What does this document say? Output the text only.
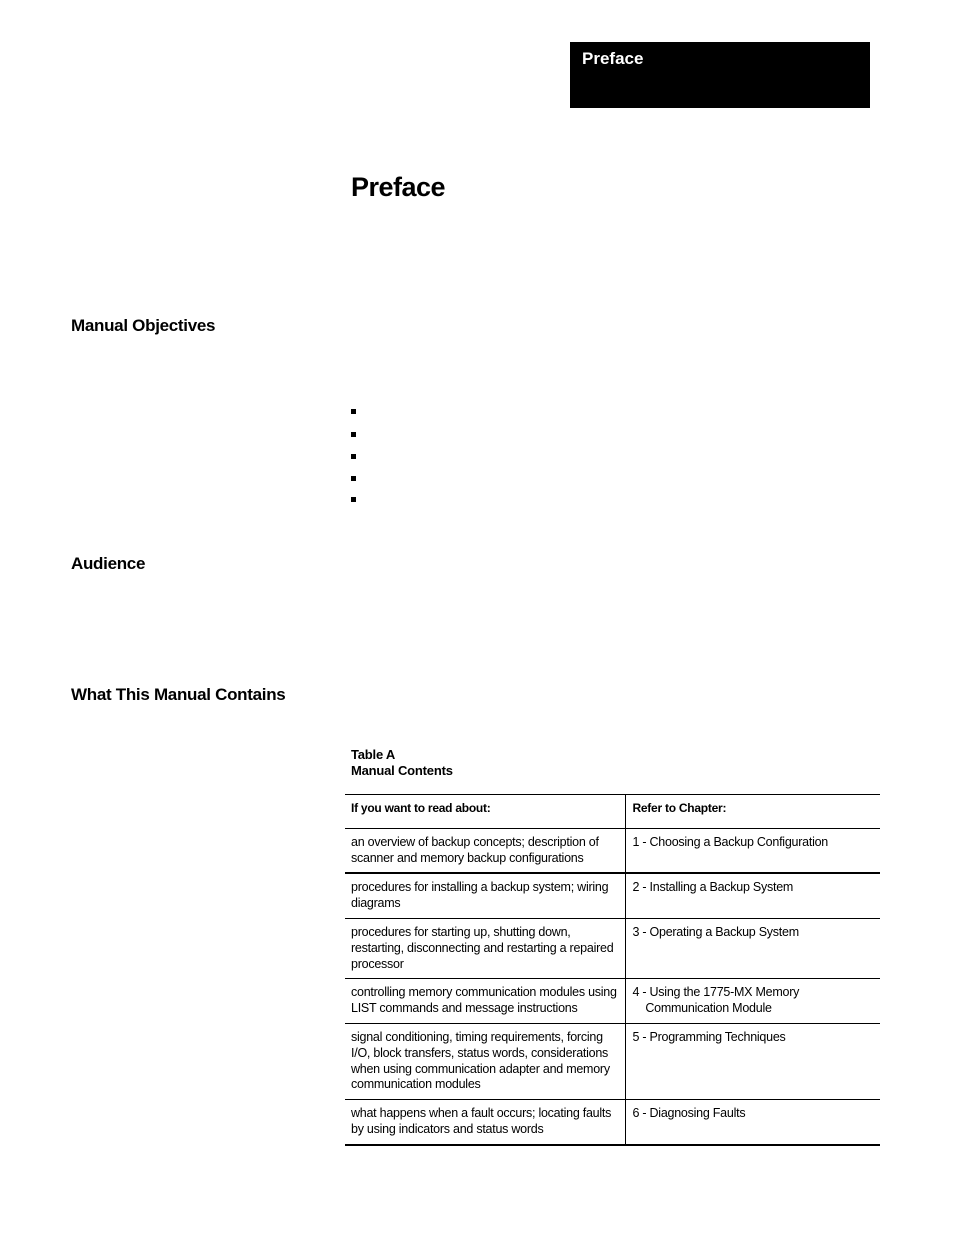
Preface
Preface
Manual Objectives
Audience
What This Manual Contains
Table A
Manual Contents
If you want to read about:	Refer to Chapter:
an overview of backup concepts; description of scanner and memory backup configurations	1 - Choosing a Backup Configuration
procedures for installing a backup system; wiring diagrams	2 - Installing a Backup System
procedures for starting up, shutting down, restarting, disconnecting and restarting a repaired processor	3 - Operating a Backup System
controlling memory communication modules using LIST commands and message instructions	4 - Using the 1775-MX Memory
Communication Module
signal conditioning, timing requirements, forcing I/O, block transfers, status words, considerations when using communication adapter and memory communication modules	5 - Programming Techniques
what happens when a fault occurs; locating faults by using indicators and status words	6 - Diagnosing Faults
